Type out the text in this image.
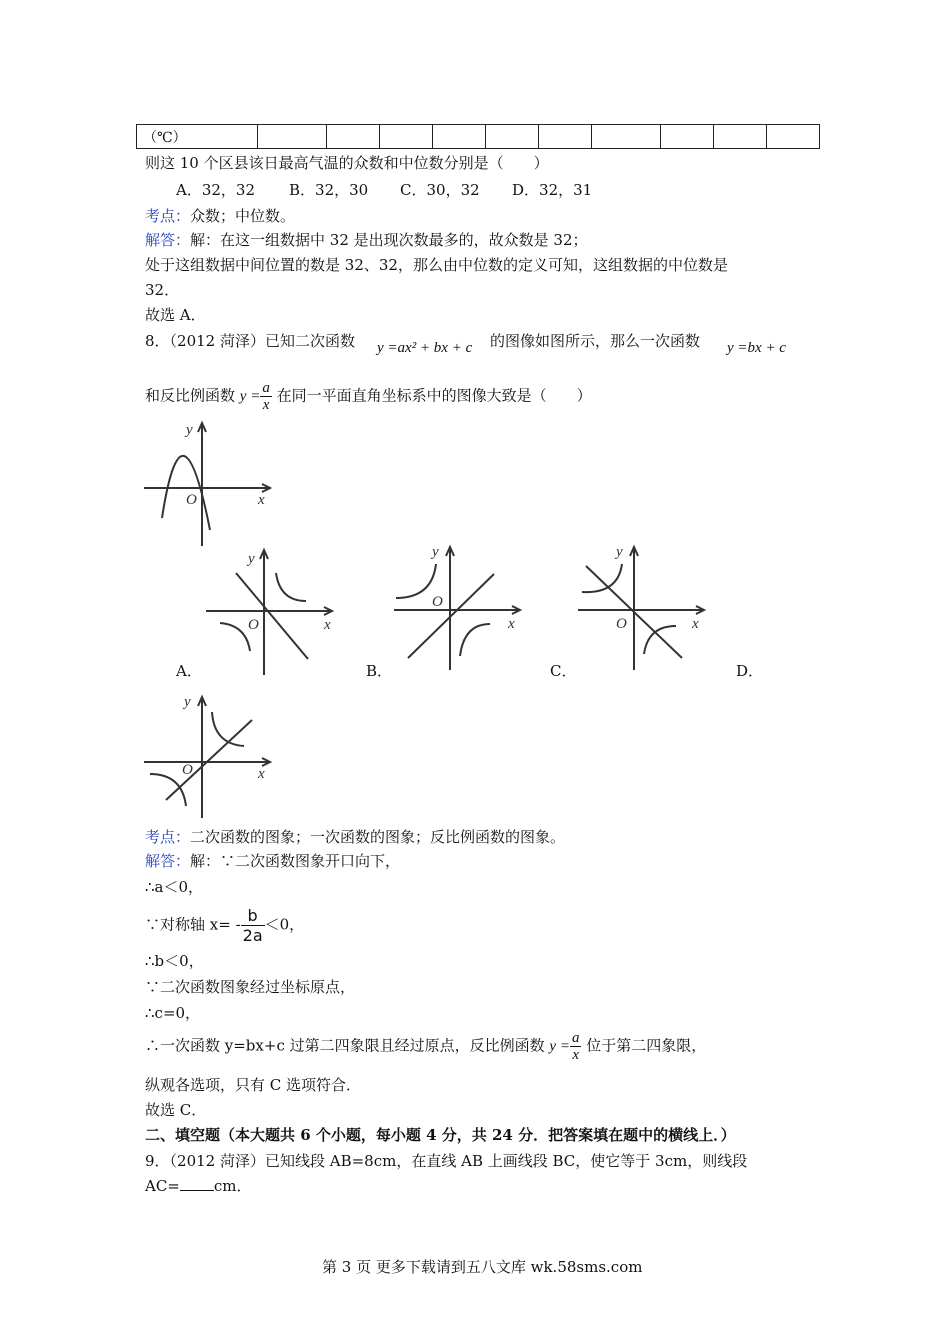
（℃）										
则这 10 个区县该日最高气温的众数和中位数分别是（　　）
A．32，32 B．32，30 C．30，32 D．32，31
考点：众数；中位数。
解答：解：在这一组数据中 32 是出现次数最多的，故众数是 32；
处于这组数据中间位置的数是 32、32，那么由中位数的定义可知，这组数据的中位数是
32．
故选 A．
8．（2012 菏泽）已知二次函数 y =ax² + bx + c 的图像如图所示，那么一次函数 y =bx + c
和反比例函数 $y = \frac{a}{x}$ 在同一平面直角坐标系中的图像大致是（　　）
x
y
O
x
y
O
A．
x
y
O
B．
x
y
O
C．	D．
x
y
O
考点：二次函数的图象；一次函数的图象；反比例函数的图象。
解答：解：∵二次函数图象开口向下，
∴a＜0，
∵对称轴 $x= - \frac{b}{2a} <0$，
∴b＜0，
∵二次函数图象经过坐标原点，
∴c=0，
∴一次函数 y=bx+c 过第二四象限且经过原点，反比例函数 $y = \frac{a}{x}$ 位于第二四象限，
纵观各选项，只有 C 选项符合．
故选 C．
二、填空题（本大题共 6 个小题，每小题 4 分，共 24 分．把答案填在题中的横线上．）
9．（2012 菏泽）已知线段 AB=8cm，在直线 AB 上画线段 BC，使它等于 3cm，则线段
AC= cm．
第 3 页 更多下载请到五八文库 wk.58sms.com
